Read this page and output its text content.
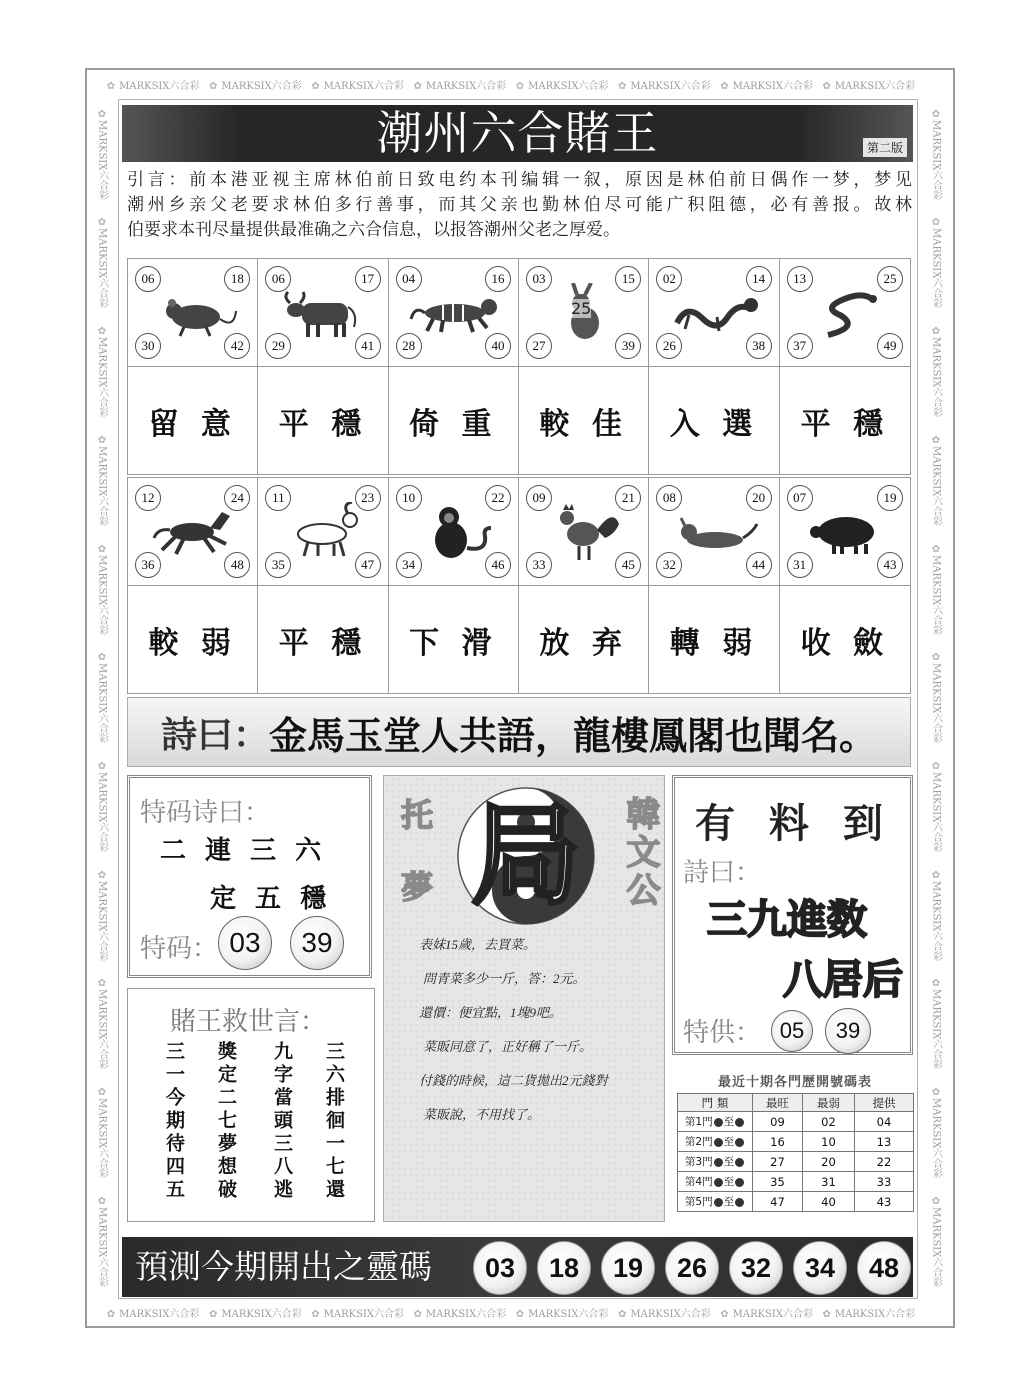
✿ MARKSIX六合彩 ✿ MARKSIX六合彩 ✿ MARKSIX六合彩 ✿ MARKSIX六合彩 ✿ MARKSIX六合彩 ✿ MARKSIX六合彩 ✿ MARKSIX六合彩 ✿ MARKSIX六合彩
✿ MARKSIX六合彩 ✿ MARKSIX六合彩 ✿ MARKSIX六合彩 ✿ MARKSIX六合彩 ✿ MARKSIX六合彩 ✿ MARKSIX六合彩 ✿ MARKSIX六合彩 ✿ MARKSIX六合彩
✿MARKSIX六合彩
✿MARKSIX六合彩
✿MARKSIX六合彩
✿MARKSIX六合彩
✿MARKSIX六合彩
✿MARKSIX六合彩
✿MARKSIX六合彩
✿MARKSIX六合彩
✿MARKSIX六合彩
✿MARKSIX六合彩
✿MARKSIX六合彩
✿MARKSIX六合彩
✿MARKSIX六合彩
✿MARKSIX六合彩
✿MARKSIX六合彩
✿MARKSIX六合彩
✿MARKSIX六合彩
✿MARKSIX六合彩
✿MARKSIX六合彩
✿MARKSIX六合彩
✿MARKSIX六合彩
✿MARKSIX六合彩
潮州六合賭王	第二版
引言：前本港亚视主席林伯前日致电约本刊编辑一叙，原因是林伯前日偶作一梦，梦见
潮州乡亲父老要求林伯多行善事，而其父亲也勤林伯尽可能广积阻德，必有善报。故林
伯要求本刊尽量提供最准确之六合信息，以报答潮州父老之厚爱。
06	18
30	42
留 意
06	17
29	41
平 穩
04	16
28	40
倚 重
03	15
27	39
25
較 佳
02	14
26	38
入 選
13	25
37	49
平 穩
12	24
36	48
較 弱
11	23
35	47
平 穩
10	22
34	46
下 滑
09	21
33	45
放 弃
08	20
32	44
轉 弱
07	19
31	43
收 斂
詩曰： 金馬玉堂人共語，龍樓鳳閣也聞名。
特码诗曰：
二 連 三 六
定 五 穩
特码： 03	39
賭王救世言：
三一今期待四五 獎定二七夢想破 九字當頭三八逃 三六排徊一七還
托夢 局	韓文公
表妹15歲，去買菜。
問青菜多少一斤，答：2元。
還價：便宜點，1塊9吧。
菜販同意了，正好稱了一斤。
付錢的時候，這二貨拋出2元錢對
菜販說，不用找了。
有 料 到
詩曰：
三九進数
八居后
特供： 05	39
最近十期各門歷開號碼表
門 類	最旺	最弱	提供
第1門 至	09	02	04
第2門 至	16	10	13
第3門 至	27	20	22
第4門 至	35	31	33
第5門 至	47	40	43
預測今期開出之靈碼	03	18	19	26	32	34	48
